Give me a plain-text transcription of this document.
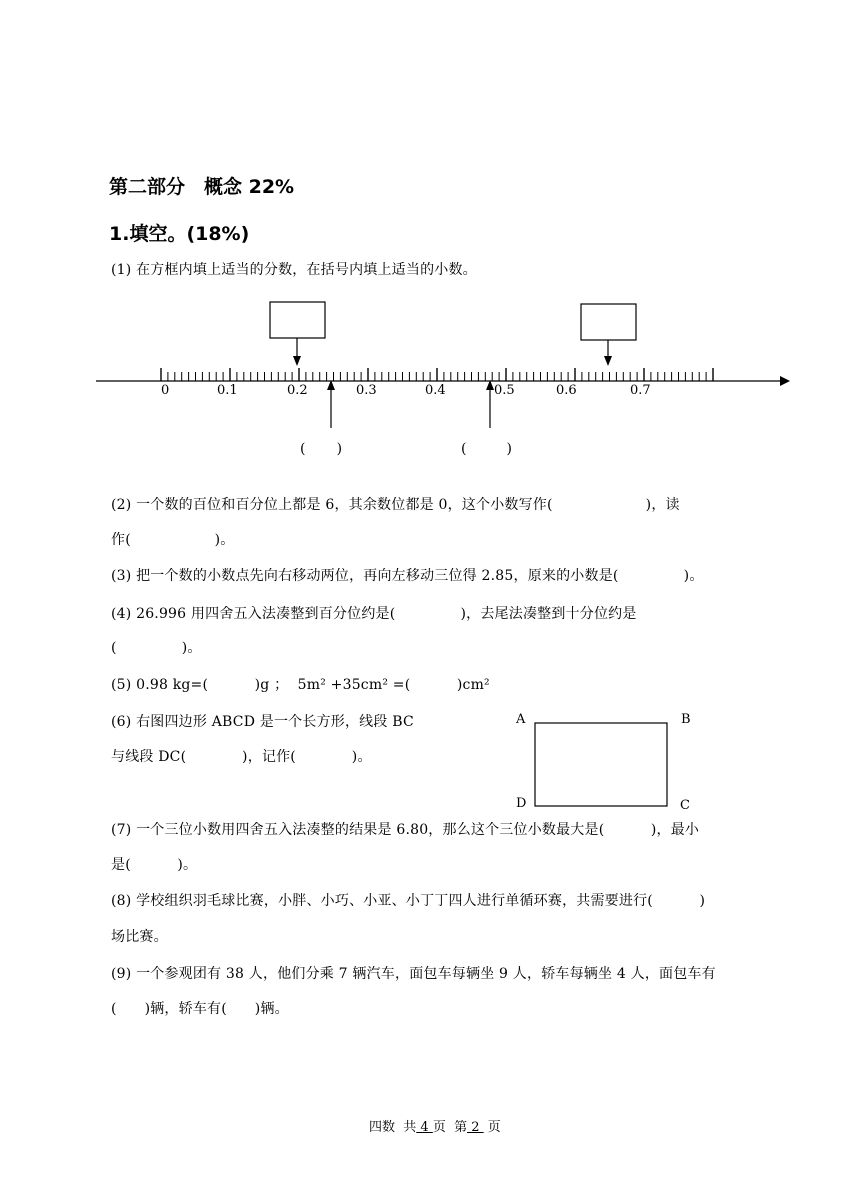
第二部分　概念 22%
1.填空。(18%)
(1) 在方框内填上适当的分数，在括号内填上适当的小数。
0	0.1	0.2	0.3	0.4	0.5	0.6	0.7
(       )	(         )
(2) 一个数的百位和百分位上都是 6，其余数位都是 0，这个小数写作(                    )，读
作(                  )。
(3) 把一个数的小数点先向右移动两位，再向左移动三位得 2.85，原来的小数是(              )。
(4) 26.996 用四舍五入法凑整到百分位约是(              )，去尾法凑整到十分位约是
(              )。
(5) 0.98 kg=(          )g ；  5m² +35cm² =(          )cm²
(6) 右图四边形 ABCD 是一个长方形，线段 BC
与线段 DC(            )，记作(            )。
A	B
D	C
(7) 一个三位小数用四舍五入法凑整的结果是 6.80，那么这个三位小数最大是(          )，最小
是(          )。
(8) 学校组织羽毛球比赛，小胖、小巧、小亚、小丁丁四人进行单循环赛，共需要进行(          )
场比赛。
(9) 一个参观团有 38 人，他们分乘 7 辆汽车，面包车每辆坐 9 人，轿车每辆坐 4 人，面包车有
(      )辆，轿车有(      )辆。
四数  共 4 页  第 2  页
